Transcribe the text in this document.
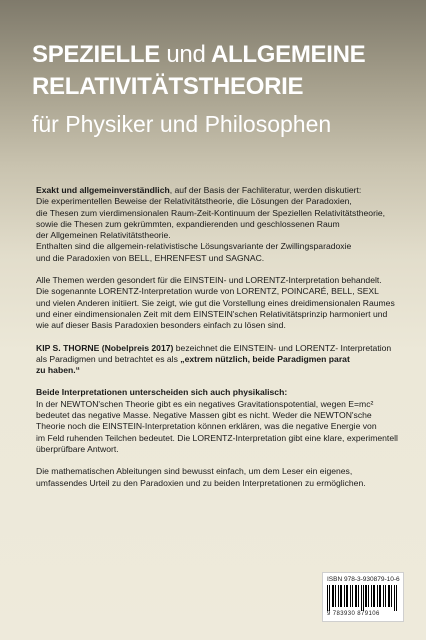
SPEZIELLE und ALLGEMEINE
RELATIVITÄTSTHEORIE
für Physiker und Philosophen

Exakt und allgemeinverständlich, auf der Basis der Fachliteratur, werden diskutiert:
Die experimentellen Beweise der Relativitätstheorie, die Lösungen der Paradoxien,
die Thesen zum vierdimensionalen Raum-Zeit-Kontinuum der Speziellen Relativitätstheorie,
sowie die Thesen zum gekrümmten, expandierenden und geschlossenen Raum
der Allgemeinen Relativitätstheorie.
Enthalten sind die allgemein-relativistische Lösungsvariante der Zwillingsparadoxie
und die Paradoxien von BELL, EHRENFEST und SAGNAC.

Alle Themen werden gesondert für die EINSTEIN- und LORENTZ-Interpretation behandelt.
Die sogenannte LORENTZ-Interpretation wurde von LORENTZ, POINCARÉ, BELL, SEXL
und vielen Anderen initiiert. Sie zeigt, wie gut die Vorstellung eines dreidimensionalen Raumes
und einer eindimensionalen Zeit mit dem EINSTEIN'schen Relativitätsprinzip harmoniert und
wie auf dieser Basis Paradoxien besonders einfach zu lösen sind.

KIP S. THORNE (Nobelpreis 2017) bezeichnet die EINSTEIN- und LORENTZ- Interpretation
als Paradigmen und betrachtet es als „extrem nützlich, beide Paradigmen parat
zu haben.“

Beide Interpretationen unterscheiden sich auch physikalisch:
In der NEWTON'schen Theorie gibt es ein negatives Gravitationspotential, wegen E=mc²
bedeutet das negative Masse. Negative Massen gibt es nicht. Weder die NEWTON'sche
Theorie noch die EINSTEIN-Interpretation können erklären, was die negative Energie von
im Feld ruhenden Teilchen bedeutet. Die LORENTZ-Interpretation gibt eine klare, experimentell
überprüfbare Antwort.

Die mathematischen Ableitungen sind bewusst einfach, um dem Leser ein eigenes,
umfassendes Urteil zu den Paradoxien und zu beiden Interpretationen zu ermöglichen.

ISBN 978-3-930879-10-6
9 783930 879106
